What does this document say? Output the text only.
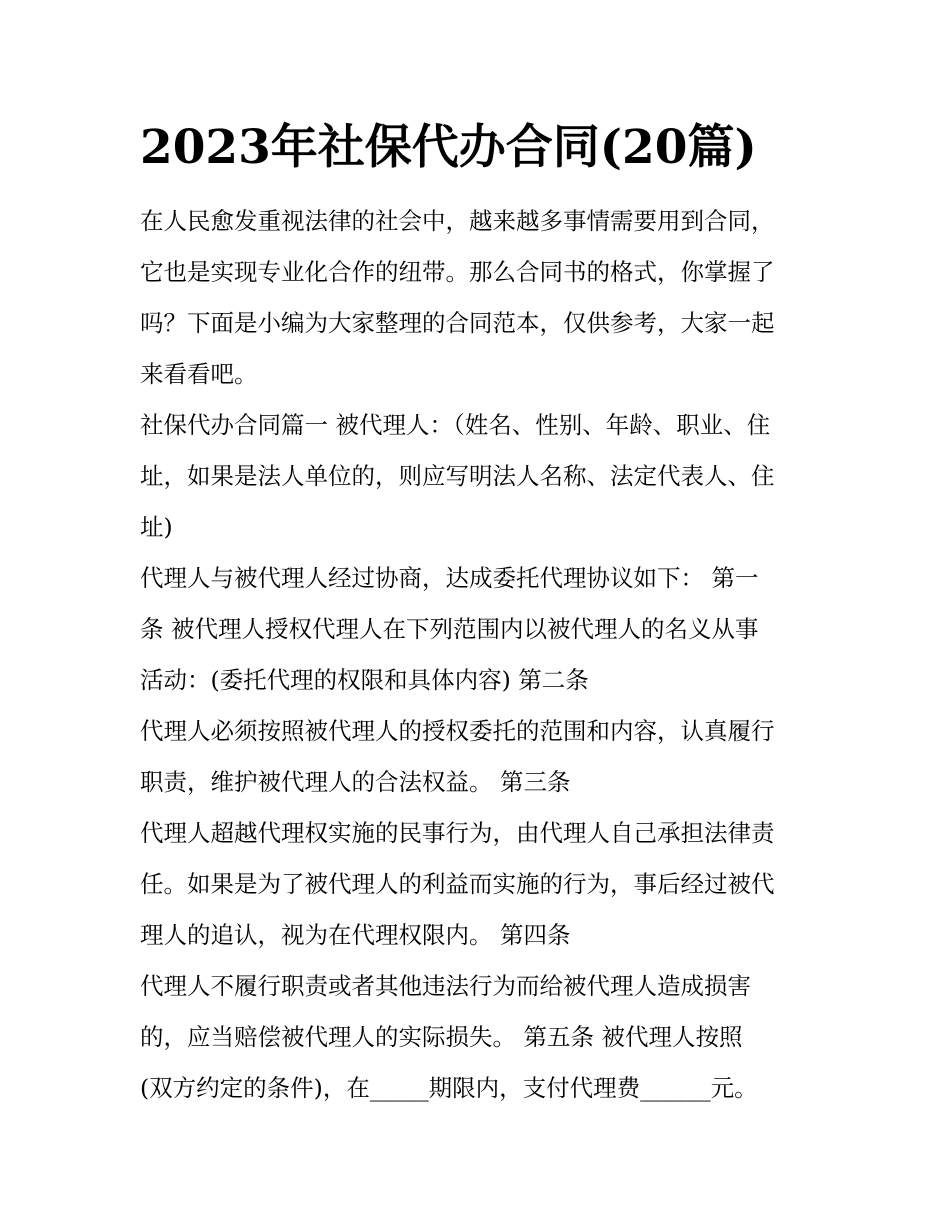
2023年社保代办合同(20篇)

在人民愈发重视法律的社会中，越来越多事情需要用到合同，
它也是实现专业化合作的纽带。那么合同书的格式，你掌握了
吗？下面是小编为大家整理的合同范本，仅供参考，大家一起
来看看吧。

社保代办合同篇一 被代理人：（姓名、性别、年龄、职业、住
址，如果是法人单位的，则应写明法人名称、法定代表人、住
址)

代理人与被代理人经过协商，达成委托代理协议如下： 第一
条 被代理人授权代理人在下列范围内以被代理人的名义从事
活动：(委托代理的权限和具体内容) 第二条

代理人必须按照被代理人的授权委托的范围和内容，认真履行
职责，维护被代理人的合法权益。 第三条

代理人超越代理权实施的民事行为，由代理人自己承担法律责
任。如果是为了被代理人的利益而实施的行为，事后经过被代
理人的追认，视为在代理权限内。 第四条

代理人不履行职责或者其他违法行为而给被代理人造成损害
的，应当赔偿被代理人的实际损失。 第五条 被代理人按照
(双方约定的条件)，在_____期限内，支付代理费______元。
